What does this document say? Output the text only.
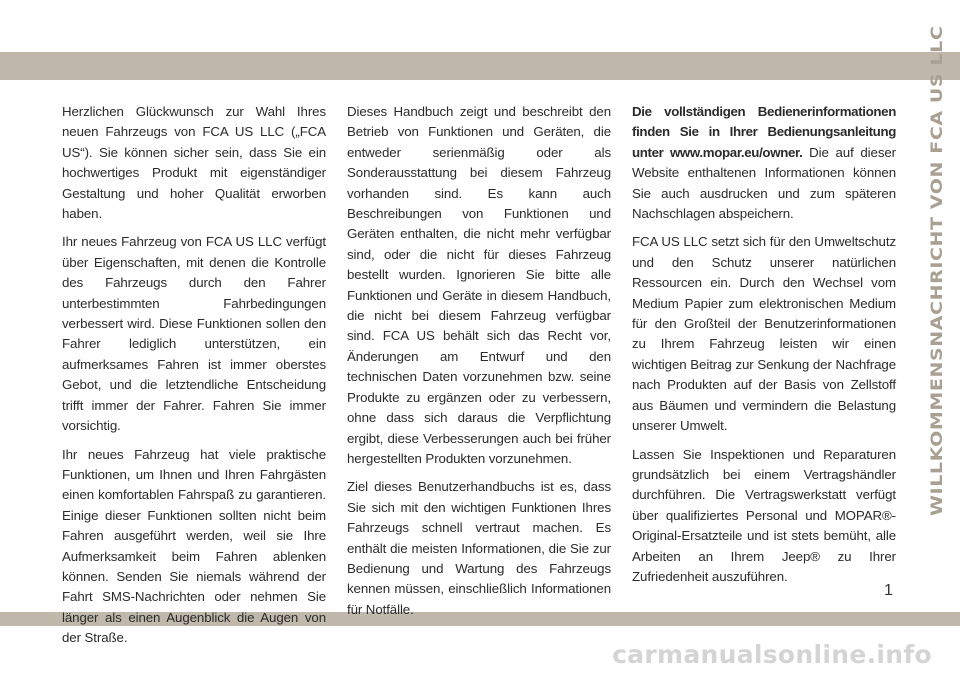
Herzlichen Glückwunsch zur Wahl Ihres neuen Fahrzeugs von FCA US LLC („FCA US“). Sie können sicher sein, dass Sie ein hochwertiges Produkt mit eigenständiger Gestaltung und hoher Qualität erworben haben.

Ihr neues Fahrzeug von FCA US LLC verfügt über Eigenschaften, mit denen die Kontrolle des Fahrzeugs durch den Fahrer unterbestimmten Fahrbedingungen verbessert wird. Diese Funktionen sollen den Fahrer lediglich unterstützen, ein aufmerksames Fahren ist immer oberstes Gebot, und die letztendliche Entscheidung trifft immer der Fahrer. Fahren Sie immer vorsichtig.

Ihr neues Fahrzeug hat viele praktische Funktionen, um Ihnen und Ihren Fahrgästen einen komfortablen Fahrspaß zu garantieren. Einige dieser Funktionen sollten nicht beim Fahren ausgeführt werden, weil sie Ihre Aufmerksamkeit beim Fahren ablenken können. Senden Sie niemals während der Fahrt SMS-Nachrichten oder nehmen Sie länger als einen Augenblick die Augen von der Straße.

Dieses Handbuch zeigt und beschreibt den Betrieb von Funktionen und Geräten, die entweder serienmäßig oder als Sonderausstattung bei diesem Fahrzeug vorhanden sind. Es kann auch Beschreibungen von Funktionen und Geräten enthalten, die nicht mehr verfügbar sind, oder die nicht für dieses Fahrzeug bestellt wurden. Ignorieren Sie bitte alle Funktionen und Geräte in diesem Handbuch, die nicht bei diesem Fahrzeug verfügbar sind. FCA US behält sich das Recht vor, Änderungen am Entwurf und den technischen Daten vorzunehmen bzw. seine Produkte zu ergänzen oder zu verbessern, ohne dass sich daraus die Verpflichtung ergibt, diese Verbesserungen auch bei früher hergestellten Produkten vorzunehmen.

Ziel dieses Benutzerhandbuchs ist es, dass Sie sich mit den wichtigen Funktionen Ihres Fahrzeugs schnell vertraut machen. Es enthält die meisten Informationen, die Sie zur Bedienung und Wartung des Fahrzeugs kennen müssen, einschließlich Informationen für Notfälle.

Die vollständigen Bedienerinformationen finden Sie in Ihrer Bedienungsanleitung unter www.mopar.eu/owner. Die auf dieser Website enthaltenen Informationen können Sie auch ausdrucken und zum späteren Nachschlagen abspeichern.

FCA US LLC setzt sich für den Umweltschutz und den Schutz unserer natürlichen Ressourcen ein. Durch den Wechsel vom Medium Papier zum elektronischen Medium für den Großteil der Benutzerinformationen zu Ihrem Fahrzeug leisten wir einen wichtigen Beitrag zur Senkung der Nachfrage nach Produkten auf der Basis von Zellstoff aus Bäumen und vermindern die Belastung unserer Umwelt.

Lassen Sie Inspektionen und Reparaturen grundsätzlich bei einem Vertragshändler durchführen. Die Vertragswerkstatt verfügt über qualifiziertes Personal und MOPAR®-Original-Ersatzteile und ist stets bemüht, alle Arbeiten an Ihrem Jeep® zu Ihrer Zufriedenheit auszuführen.

WILLKOMMENSNACHRICHT VON FCA US LLC
1
carmanualsonline.info
